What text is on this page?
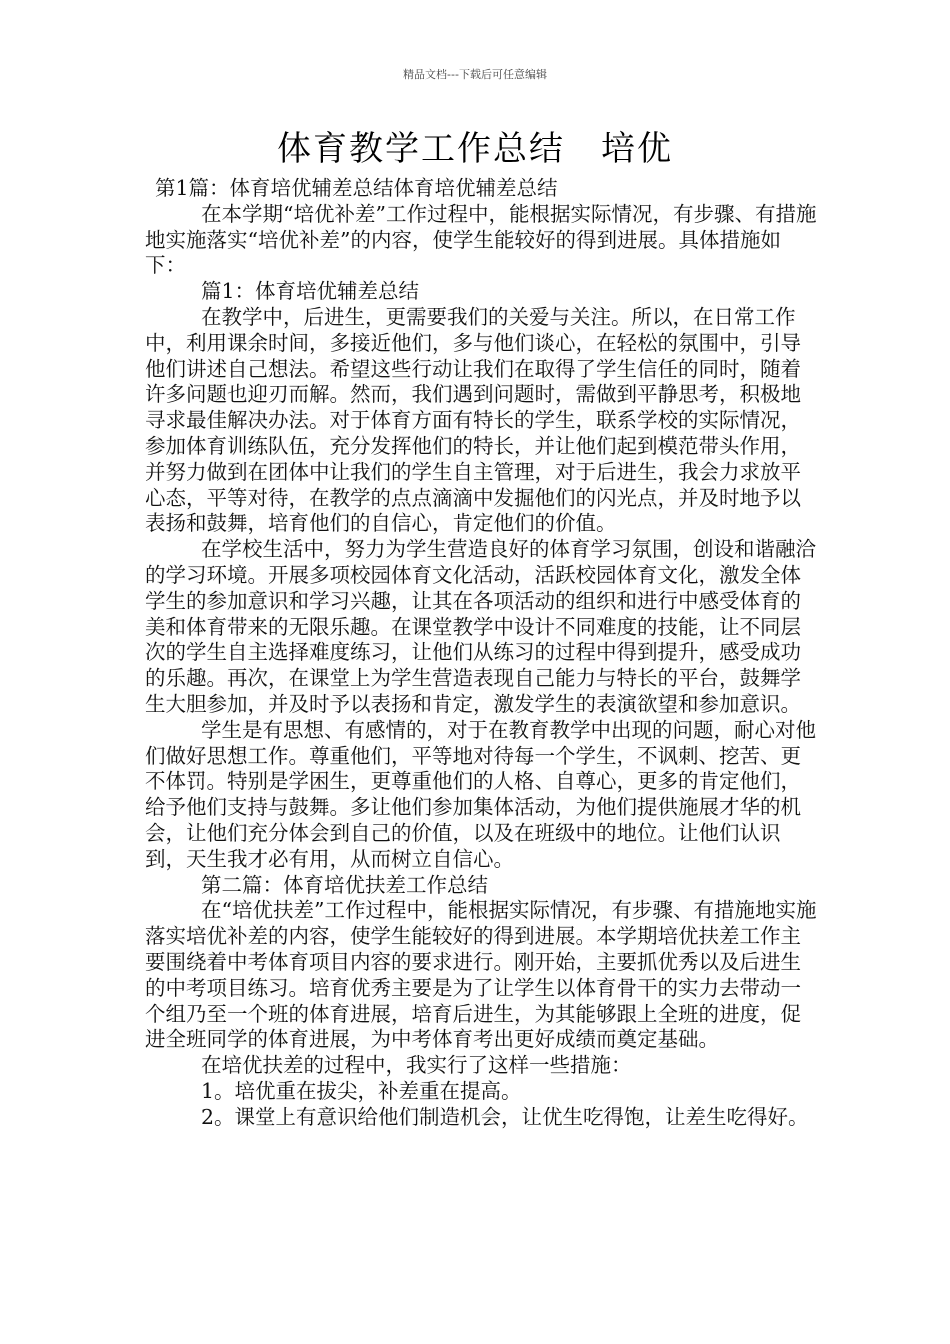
精品文档---下载后可任意编辑
体育教学工作总结　培优

第1篇：体育培优辅差总结体育培优辅差总结

在本学期“培优补差”工作过程中，能根据实际情况，有步骤、有措施地实施落实“培优补差”的内容，使学生能较好的得到进展。具体措施如下：

篇1：体育培优辅差总结

在教学中，后进生，更需要我们的关爱与关注。所以，在日常工作中，利用课余时间，多接近他们，多与他们谈心，在轻松的氛围中，引导他们讲述自己想法。希望这些行动让我们在取得了学生信任的同时，随着许多问题也迎刃而解。然而，我们遇到问题时，需做到平静思考，积极地寻求最佳解决办法。对于体育方面有特长的学生，联系学校的实际情况，参加体育训练队伍，充分发挥他们的特长，并让他们起到模范带头作用，并努力做到在团体中让我们的学生自主管理，对于后进生，我会力求放平心态，平等对待，在教学的点点滴滴中发掘他们的闪光点，并及时地予以表扬和鼓舞，培育他们的自信心，肯定他们的价值。

在学校生活中，努力为学生营造良好的体育学习氛围，创设和谐融洽的学习环境。开展多项校园体育文化活动，活跃校园体育文化，激发全体学生的参加意识和学习兴趣，让其在各项活动的组织和进行中感受体育的美和体育带来的无限乐趣。在课堂教学中设计不同难度的技能，让不同层次的学生自主选择难度练习，让他们从练习的过程中得到提升，感受成功的乐趣。再次，在课堂上为学生营造表现自己能力与特长的平台，鼓舞学生大胆参加，并及时予以表扬和肯定，激发学生的表演欲望和参加意识。

学生是有思想、有感情的，对于在教育教学中出现的问题，耐心对他们做好思想工作。尊重他们，平等地对待每一个学生，不讽刺、挖苦、更不体罚。特别是学困生，更尊重他们的人格、自尊心，更多的肯定他们，给予他们支持与鼓舞。多让他们参加集体活动，为他们提供施展才华的机会，让他们充分体会到自己的价值，以及在班级中的地位。让他们认识到，天生我才必有用，从而树立自信心。

第二篇：体育培优扶差工作总结

在“培优扶差”工作过程中，能根据实际情况，有步骤、有措施地实施落实培优补差的内容，使学生能较好的得到进展。本学期培优扶差工作主要围绕着中考体育项目内容的要求进行。刚开始，主要抓优秀以及后进生的中考项目练习。培育优秀主要是为了让学生以体育骨干的实力去带动一个组乃至一个班的体育进展，培育后进生，为其能够跟上全班的进度，促进全班同学的体育进展，为中考体育考出更好成绩而奠定基础。

在培优扶差的过程中，我实行了这样一些措施：

1。培优重在拔尖，补差重在提高。

2。课堂上有意识给他们制造机会，让优生吃得饱，让差生吃得好。
